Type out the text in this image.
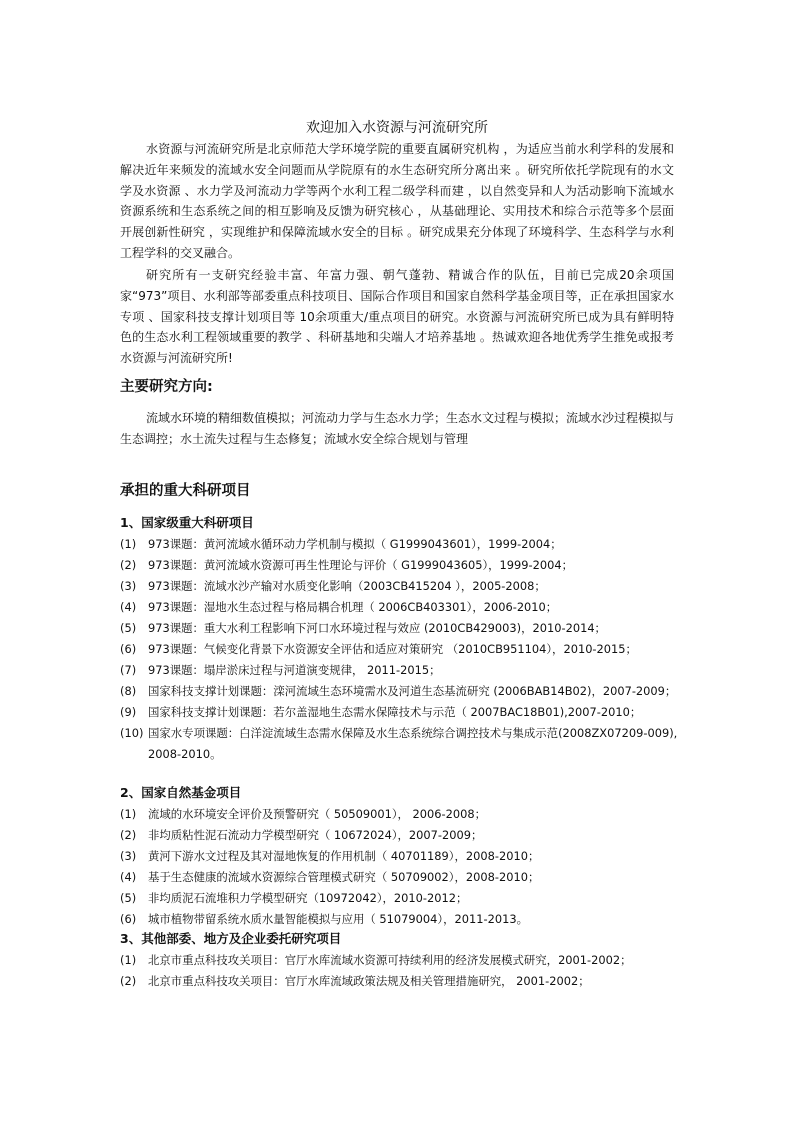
欢迎加入水资源与河流研究所

水资源与河流研究所是北京师范大学环境学院的重要直属研究机构 ，为适应当前水利学科的发展和解决近年来频发的流域水安全问题而从学院原有的水生态研究所分离出来 。研究所依托学院现有的水文学及水资源 、水力学及河流动力学等两个水利工程二级学科而建 ，以自然变异和人为活动影响下流域水资源系统和生态系统之间的相互影响及反馈为研究核心 ，从基础理论、实用技术和综合示范等多个层面开展创新性研究 ，实现维护和保障流域水安全的目标 。研究成果充分体现了环境科学、生态科学与水利工程学科的交叉融合。

研究所有一支研究经验丰富、年富力强、朝气蓬勃、精诚合作的队伍，目前已完成20余项国家“973”项目、水利部等部委重点科技项目、国际合作项目和国家自然科学基金项目等，正在承担国家水专项 、国家科技支撑计划项目等 10余项重大/重点项目的研究。水资源与河流研究所已成为具有鲜明特色的生态水利工程领域重要的教学 、科研基地和尖端人才培养基地 。热诚欢迎各地优秀学生推免或报考水资源与河流研究所!

主要研究方向:

流域水环境的精细数值模拟；河流动力学与生态水力学；生态水文过程与模拟；流域水沙过程模拟与生态调控；水土流失过程与生态修复；流域水安全综合规划与管理

承担的重大科研项目
1、国家级重大科研项目
(1) 973课题：黄河流域水循环动力学机制与模拟（ G1999043601），1999-2004；
(2) 973课题：黄河流域水资源可再生性理论与评价（ G1999043605），1999-2004；
(3) 973课题：流域水沙产输对水质变化影响（2003CB415204 ），2005-2008；
(4) 973课题：湿地水生态过程与格局耦合机理（ 2006CB403301），2006-2010；
(5) 973课题：重大水利工程影响下河口水环境过程与效应 (2010CB429003)，2010-2014；
(6) 973课题：气候变化背景下水资源安全评估和适应对策研究 （2010CB951104），2010-2015；
(7) 973课题：塌岸淤床过程与河道演变规律， 2011-2015；
(8) 国家科技支撑计划课题：滦河流域生态环境需水及河道生态基流研究 (2006BAB14B02)，2007-2009；
(9) 国家科技支撑计划课题：若尔盖湿地生态需水保障技术与示范（ 2007BAC18B01),2007-2010；
(10) 国家水专项课题：白洋淀流域生态需水保障及水生态系统综合调控技术与集成示范(2008ZX07209-009), 2008-2010。
2、国家自然基金项目
(1) 流域的水环境安全评价及预警研究（ 50509001）， 2006-2008；
(2) 非均质粘性泥石流动力学模型研究（ 10672024），2007-2009；
(3) 黄河下游水文过程及其对湿地恢复的作用机制（ 40701189），2008-2010；
(4) 基于生态健康的流域水资源综合管理模式研究（ 50709002），2008-2010；
(5) 非均质泥石流堆积力学模型研究（10972042），2010-2012；
(6) 城市植物带留系统水质水量智能模拟与应用（ 51079004），2011-2013。
3、其他部委、地方及企业委托研究项目
(1) 北京市重点科技攻关项目：官厅水库流域水资源可持续利用的经济发展模式研究，2001-2002；
(2) 北京市重点科技攻关项目：官厅水库流域政策法规及相关管理措施研究， 2001-2002；
